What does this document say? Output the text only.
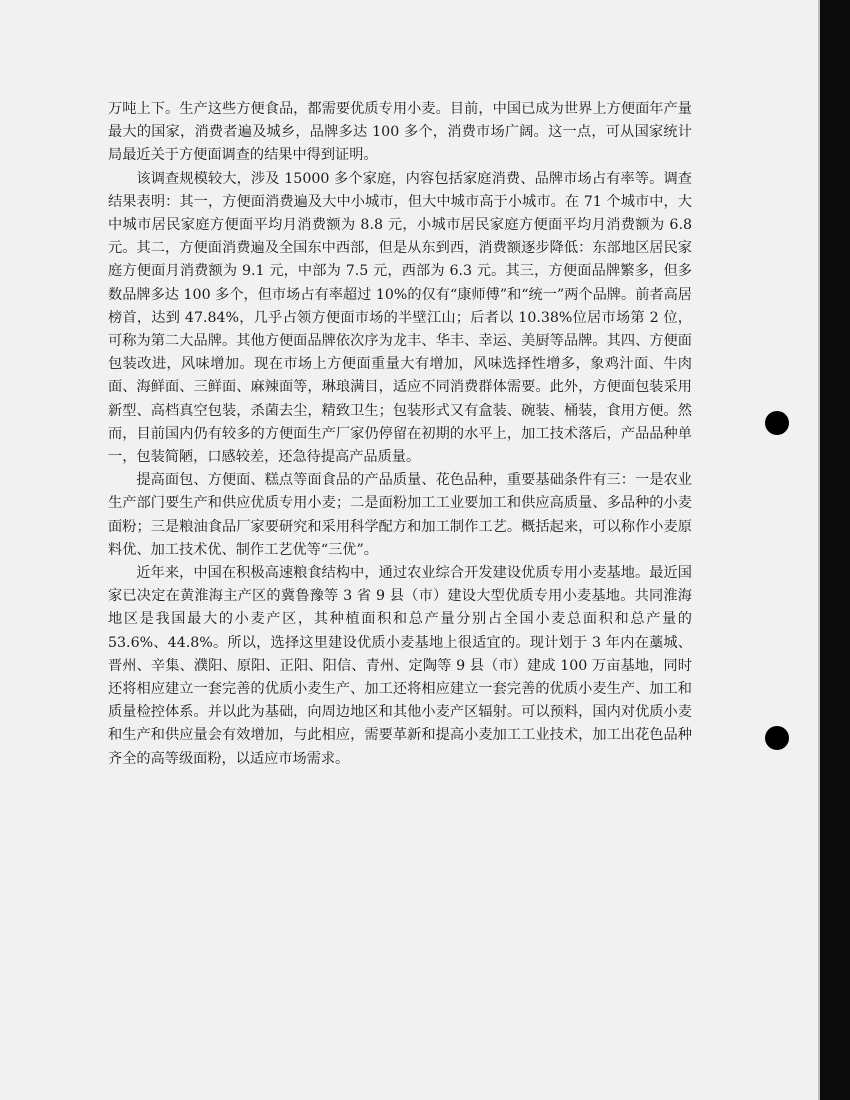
万吨上下。生产这些方便食品，都需要优质专用小麦。目前，中国已成为世界上方便面年产量最大的国家，消费者遍及城乡，品牌多达 100 多个，消费市场广阔。这一点，可从国家统计局最近关于方便面调查的结果中得到证明。

该调查规模较大，涉及 15000 多个家庭，内容包括家庭消费、品牌市场占有率等。调查结果表明：其一，方便面消费遍及大中小城市，但大中城市高于小城市。在 71 个城市中，大中城市居民家庭方便面平均月消费额为 8.8 元，小城市居民家庭方便面平均月消费额为 6.8 元。其二，方便面消费遍及全国东中西部，但是从东到西，消费额逐步降低：东部地区居民家庭方便面月消费额为 9.1 元，中部为 7.5 元，西部为 6.3 元。其三，方便面品牌繁多，但多数品牌多达 100 多个，但市场占有率超过 10%的仅有“康师傅”和“统一”两个品牌。前者高居榜首，达到 47.84%，几乎占领方便面市场的半壁江山；后者以 10.38%位居市场第 2 位，可称为第二大品牌。其他方便面品牌依次序为龙丰、华丰、幸运、美厨等品牌。其四、方便面包装改进，风味增加。现在市场上方便面重量大有增加，风味选择性增多，象鸡汁面、牛肉面、海鲜面、三鲜面、麻辣面等，琳琅满目，适应不同消费群体需要。此外，方便面包装采用新型、高档真空包装，杀菌去尘，精致卫生；包装形式又有盒装、碗装、桶装，食用方便。然而，目前国内仍有较多的方便面生产厂家仍停留在初期的水平上，加工技术落后，产品品种单一，包装简陋，口感较差，还急待提高产品质量。

提高面包、方便面、糕点等面食品的产品质量、花色品种，重要基础条件有三：一是农业生产部门要生产和供应优质专用小麦；二是面粉加工工业要加工和供应高质量、多品种的小麦面粉；三是粮油食品厂家要研究和采用科学配方和加工制作工艺。概括起来，可以称作小麦原料优、加工技术优、制作工艺优等“三优”。

近年来，中国在积极高速粮食结构中，通过农业综合开发建设优质专用小麦基地。最近国家已决定在黄淮海主产区的冀鲁豫等 3 省 9 县（市）建设大型优质专用小麦基地。共同淮海地区是我国最大的小麦产区，其种植面积和总产量分别占全国小麦总面积和总产量的 53.6%、44.8%。所以，选择这里建设优质小麦基地上很适宜的。现计划于 3 年内在藁城、晋州、辛集、濮阳、原阳、正阳、阳信、青州、定陶等 9 县（市）建成 100 万亩基地，同时还将相应建立一套完善的优质小麦生产、加工还将相应建立一套完善的优质小麦生产、加工和质量检控体系。并以此为基础，向周边地区和其他小麦产区辐射。可以预料，国内对优质小麦和生产和供应量会有效增加，与此相应，需要革新和提高小麦加工工业技术，加工出花色品种齐全的高等级面粉，以适应市场需求。
